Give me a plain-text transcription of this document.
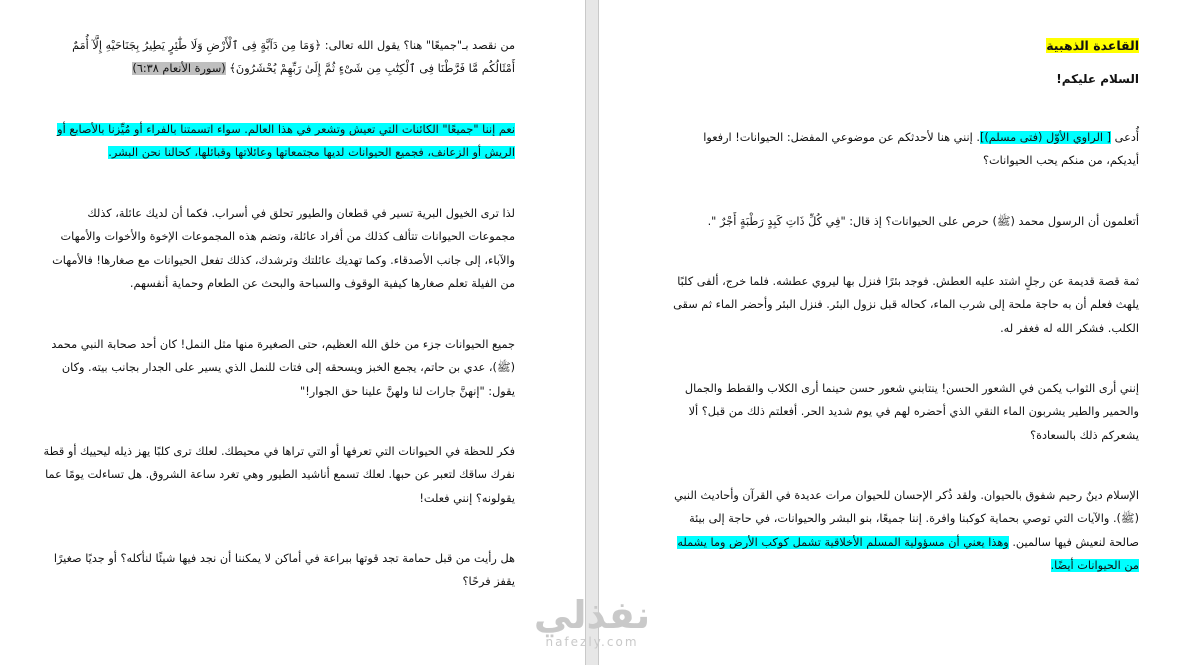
من نقصد بـ"جميعًا" هنا؟ يقول الله تعالى: ﴿وَمَا مِن دَآبَّةٍ فِى ٱلْأَرْضِ وَلَا طَٰٓئِرٍ يَطِيرُ بِجَنَاحَيْهِ إِلَّآ أُمَمٌ أَمْثَالُكُم مَّا فَرَّطْنَا فِى ٱلْكِتَٰبِ مِن شَىْءٍ ثُمَّ إِلَىٰ رَبِّهِمْ يُحْشَرُونَ﴾ (سورة الأنعام ٦:٣٨)

نعم إننا "جميعًا" الكائنات التي تعيش وتشعر في هذا العالم. سواء اتسمتنا بالفراء أو مُيِّزنا بالأصابع أو الريش أو الزعانف، فجميع الحيوانات لديها مجتمعاتها وعائلاتها وقبائلها، كحالنا نحن البشر.

لذا ترى الخيول البرية تسير في قطعان والطيور تحلق في أسراب. فكما أن لديك عائلة، كذلك مجموعات الحيوانات تتألف كذلك من أفراد عائلة، وتضم هذه المجموعات الإخوة والأخوات والأمهات والآباء، إلى جانب الأصدقاء. وكما تهديك عائلتك وترشدك، كذلك تفعل الحيوانات مع صغارها! فالأمهات من الفيلة تعلم صغارها كيفية الوقوف والسباحة والبحث عن الطعام وحماية أنفسهم.

جميع الحيوانات جزء من خلق الله العظيم، حتى الصغيرة منها مثل النمل! كان أحد صحابة النبي محمد (ﷺ)، عدي بن حاتم، يجمع الخبز ويسحقه إلى فتات للنمل الذي يسير على الجدار بجانب بيته. وكان يقول: "إنهنَّ جارات لنا ولهنَّ علينا حق الجوار!"

فكر للحظة في الحيوانات التي تعرفها أو التي تراها في محيطك. لعلك ترى كلبًا يهز ذيله ليحييك أو قطة نفرك ساقك لتعبر عن حبها. لعلك تسمع أناشيد الطيور وهي تغرد ساعة الشروق. هل تساءلت يومًا عما يقولونه؟ إنني فعلت!

هل رأيت من قبل حمامة تجد قوتها ببراعة في أماكن لا يمكننا أن نجد فيها شيئًا لنأكله؟ أو جديًا صغيرًا يقفز فرحًا؟

القاعدة الذهبية

السلام عليكم!

أُدعى [ الراوي الأوّل (فتى مسلم)]. إنني هنا لأحدثكم عن موضوعي المفضل: الحيوانات! ارفعوا أيديكم، من منكم يحب الحيوانات؟

أتعلمون أن الرسول محمد (ﷺ) حرص على الحيوانات؟ إذ قال: "فِي كُلِّ ذَاتِ كَبِدٍ رَطْبَةٍ أَجْرٌ ".

ثمة قصة قديمة عن رجلٍ اشتد عليه العطش. فوجد بئرًا فنزل بها ليروي عطشه. فلما خرج، ألفى كلبًا يلهث فعلم أن به حاجة ملحة إلى شرب الماء، كحاله قبل نزول البئر. فنزل البئر وأحضر الماء ثم سقى الكلب. فشكر الله له فغفر له.

إنني أرى الثواب يكمن في الشعور الحسن! ينتابني شعور حسن حينما أرى الكلاب والقطط والجمال والحمير والطير يشربون الماء النقي الذي أحضره لهم في يوم شديد الحر. أفعلتم ذلك من قبل؟ ألا يشعركم ذلك بالسعادة؟

الإسلام دينٌ رحيم شفوق بالحيوان. ولقد ذُكر الإحسان للحيوان مرات عديدة في القرآن وأحاديث النبي (ﷺ). والآيات التي توصي بحماية كوكبنا وافرة. إننا جميعًا، بنو البشر والحيوانات، في حاجة إلى بيئة صالحة لنعيش فيها سالمين. وهذا يعني أن مسؤولية المسلم الأخلاقية تشمل كوكب الأرض وما يشمله من الحيوانات أيضًا.

نفذلي
nafezly.com
